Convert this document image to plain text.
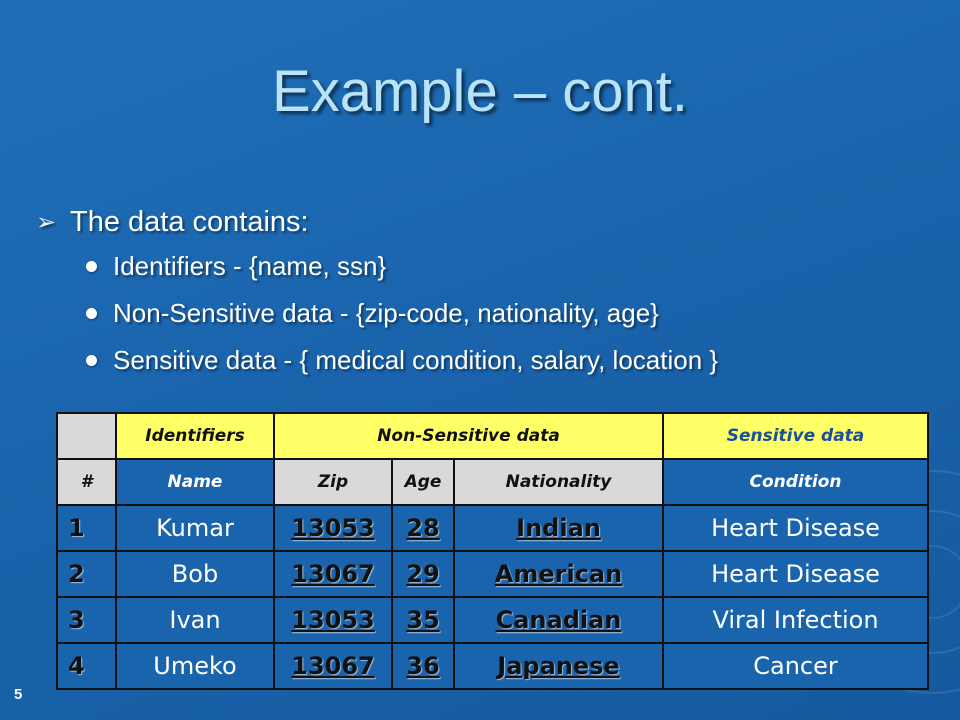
Example – cont.
➢ The data contains:
Identifiers - {name, ssn}
Non-Sensitive data - {zip-code, nationality, age}
Sensitive data - { medical condition, salary, location }
	Identifiers	Non-Sensitive data			Sensitive data
#	Name	Zip	Age	Nationality	Condition
1	Kumar	13053	28	Indian	Heart Disease
2	Bob	13067	29	American	Heart Disease
3	Ivan	13053	35	Canadian	Viral Infection
4	Umeko	13067	36	Japanese	Cancer
5
